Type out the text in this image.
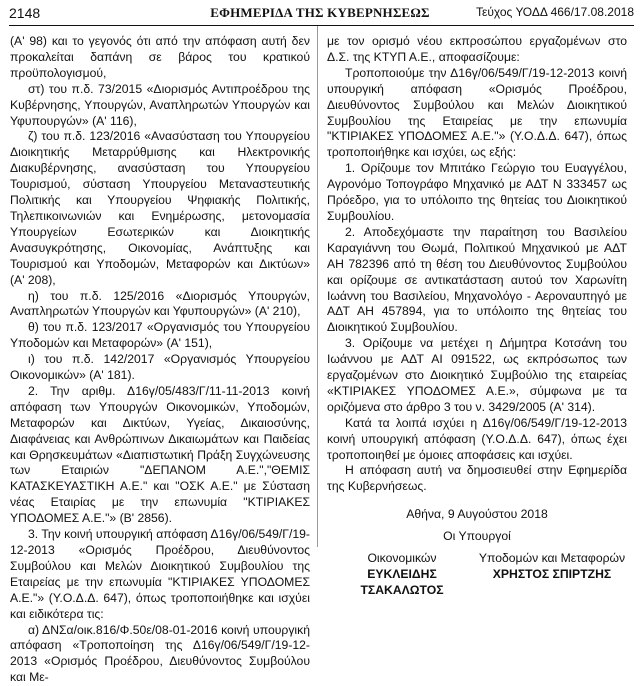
2148	ΕΦΗΜΕΡΙΔΑ TΗΣ ΚΥΒΕΡΝΗΣΕΩΣ	Τεύχος ΥΟΔΔ 466/17.08.2018

(Α' 98) και το γεγονός ότι από την απόφαση αυτή δεν προκαλείται δαπάνη σε βάρος του κρατικού προϋπολογισμού,

στ) του π.δ. 73/2015 «Διορισμός Αντιπροέδρου της Κυβέρνησης, Υπουργών, Αναπληρωτών Υπουργών και Υφυπουργών» (Α' 116),

ζ) του π.δ. 123/2016 «Ανασύσταση του Υπουργείου Διοικητικής Μεταρρύθμισης και Ηλεκτρονικής Διακυβέρνησης, ανασύσταση του Υπουργείου Τουρισμού, σύσταση Υπουργείου Μεταναστευτικής Πολιτικής και Υπουργείου Ψηφιακής Πολιτικής, Τηλεπικοινωνιών και Ενημέρωσης, μετονομασία Υπουργείων Εσωτερικών και Διοικητικής Ανασυγκρότησης, Οικονομίας, Ανάπτυξης και Τουρισμού και Υποδομών, Μεταφορών και Δικτύων» (Α' 208),

η) του π.δ. 125/2016 «Διορισμός Υπουργών, Αναπληρωτών Υπουργών και Υφυπουργών» (Α' 210),

θ) του π.δ. 123/2017 «Οργανισμός του Υπουργείου Υποδομών και Μεταφορών» (Α' 151),

ι) του π.δ. 142/2017 «Οργανισμός Υπουργείου Οικονομικών» (Α' 181).

2. Την αριθμ. Δ16γ/05/483/Γ/11-11-2013 κοινή απόφαση των Υπουργών Οικονομικών, Υποδομών, Μεταφορών και Δικτύων, Υγείας, Δικαιοσύνης, Διαφάνειας και Ανθρώπινων Δικαιωμάτων και Παιδείας και Θρησκευμάτων «Διαπιστωτική Πράξη Συγχώνευσης των Εταιριών "ΔΕΠΑΝΟΜ Α.Ε.","ΘΕΜΙΣ ΚΑΤΑΣΚΕΥΑΣΤΙΚΗ Α.Ε." και "ΟΣΚ Α.Ε." με Σύσταση νέας Εταιρίας με την επωνυμία "ΚΤΙΡΙΑΚΕΣ ΥΠΟΔΟΜΕΣ Α.Ε."» (Β' 2856).

3. Την κοινή υπουργική απόφαση Δ16γ/06/549/Γ/19-12-2013 «Ορισμός Προέδρου, Διευθύνοντος Συμβούλου και Μελών Διοικητικού Συμβουλίου της Εταιρείας με την επωνυμία "ΚΤΙΡΙΑΚΕΣ ΥΠΟΔΟΜΕΣ Α.Ε."» (Υ.Ο.Δ.Δ. 647), όπως τροποποιήθηκε και ισχύει και ειδικότερα τις:

α) ΔΝΣα/οικ.816/Φ.50ε/08-01-2016 κοινή υπουργική απόφαση «Τροποποίηση της Δ16γ/06/549/Γ/19-12-2013 «Ορισμός Προέδρου, Διευθύνοντος Συμβούλου και Με-

με τον ορισμό νέου εκπροσώπου εργαζομένων στο Δ.Σ. της ΚΤΥΠ Α.Ε., αποφασίζουμε:

Τροποποιούμε την Δ16γ/06/549/Γ/19-12-2013 κοινή υπουργική απόφαση «Ορισμός Προέδρου, Διευθύνοντος Συμβούλου και Μελών Διοικητικού Συμβουλίου της Εταιρείας με την επωνυμία "ΚΤΙΡΙΑΚΕΣ ΥΠΟΔΟΜΕΣ Α.Ε."» (Υ.Ο.Δ.Δ. 647), όπως τροποποιήθηκε και ισχύει, ως εξής:

1. Ορίζουμε τον Μπιτάκο Γεώργιο του Ευαγγέλου, Αγρονόμο Τοπογράφο Μηχανικό με ΑΔΤ Ν 333457 ως Πρόεδρο, για το υπόλοιπο της θητείας του Διοικητικού Συμβουλίου.

2. Αποδεχόμαστε την παραίτηση του Βασιλείου Καραγιάννη του Θωμά, Πολιτικού Μηχανικού με ΑΔΤ ΑΗ 782396 από τη θέση του Διευθύνοντος Συμβούλου και ορίζουμε σε αντικατάσταση αυτού τον Χαρωνίτη Ιωάννη του Βασιλείου, Μηχανολόγο - Αεροναυπηγό με ΑΔΤ ΑΗ 457894, για το υπόλοιπο της θητείας του Διοικητικού Συμβουλίου.

3. Ορίζουμε να μετέχει η Δήμητρα Κοτσάνη του Ιωάννου με ΑΔΤ ΑΙ 091522, ως εκπρόσωπος των εργαζομένων στο Διοικητικό Συμβούλιο της εταιρείας «ΚΤΙΡΙΑΚΕΣ ΥΠΟΔΟΜΕΣ Α.Ε.», σύμφωνα με τα οριζόμενα στο άρθρο 3 του ν. 3429/2005 (Α' 314).

Κατά τα λοιπά ισχύει η Δ16γ/06/549/Γ/19-12-2013 κοινή υπουργική απόφαση (Υ.Ο.Δ.Δ. 647), όπως έχει τροποποιηθεί με όμοιες αποφάσεις και ισχύει.

Η απόφαση αυτή να δημοσιευθεί στην Εφημερίδα της Κυβερνήσεως.

Αθήνα, 9 Αυγούστου 2018

Οι Υπουργοί

Οικονομικών	Υποδομών και Μεταφορών
ΕΥΚΛΕΙΔΗΣ ΤΣΑΚΑΛΩΤΟΣ
ΧΡΗΣΤΟΣ ΣΠΙΡΤΖΗΣ
